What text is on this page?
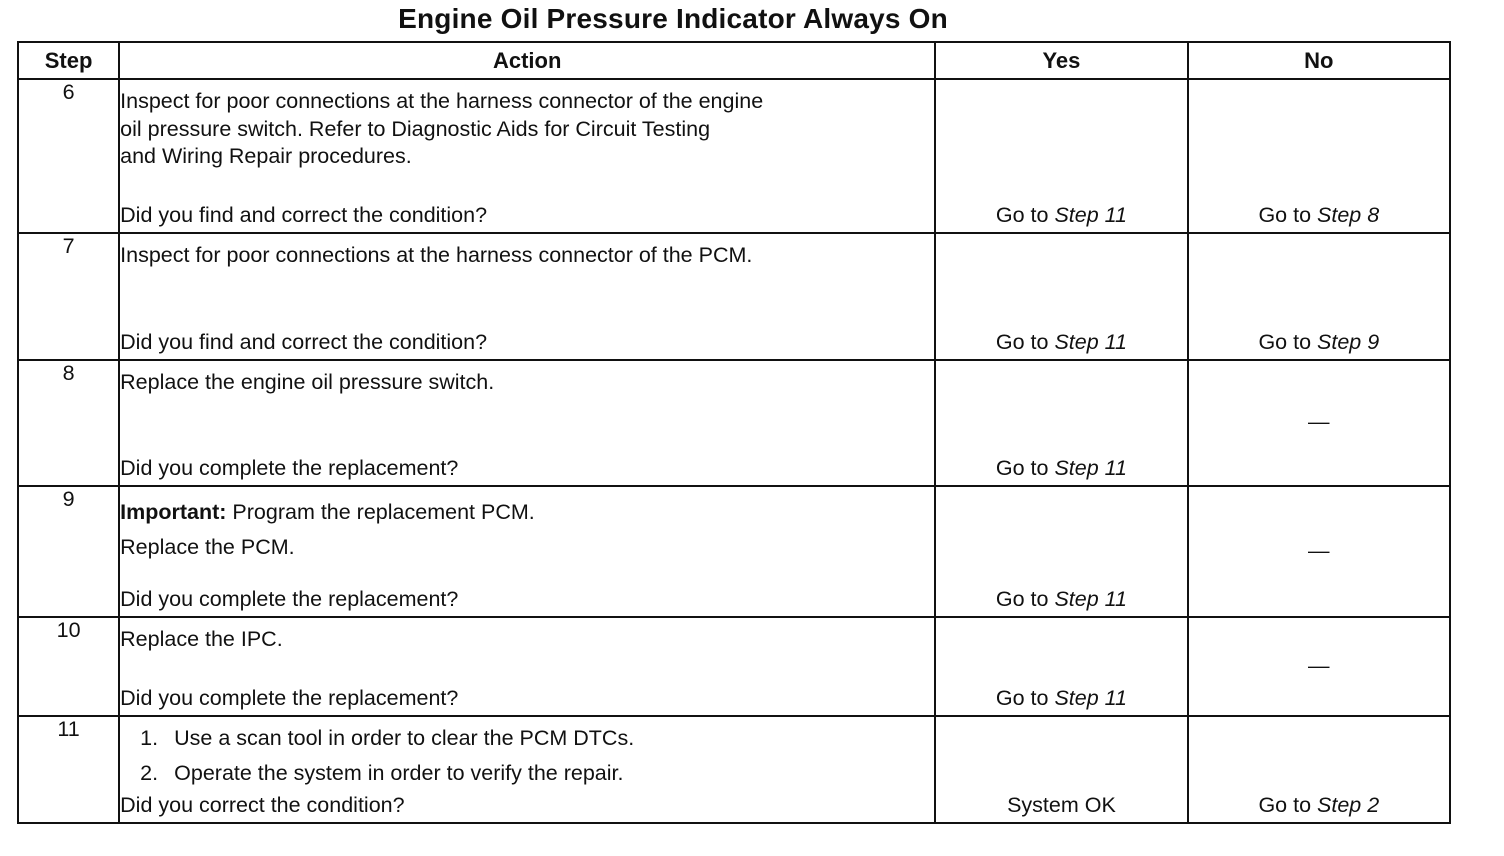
Engine Oil Pressure Indicator Always On
Step	Action	Yes	No
6	Inspect for poor connections at the harness connector of the engine

oil pressure switch. Refer to Diagnostic Aids for Circuit Testing

and Wiring Repair procedures.

Did you find and correct the condition?	Go to Step 11	Go to Step 8

7	Inspect for poor connections at the harness connector of the PCM.

Did you find and correct the condition?	Go to Step 11	Go to Step 9

8	Replace the engine oil pressure switch.

Did you complete the replacement?	Go to Step 11	—

9	Important: Program the replacement PCM.

Replace the PCM.

Did you complete the replacement?	Go to Step 11	—

10	Replace the IPC.

Did you complete the replacement?	Go to Step 11	—

11	1. Use a scan tool in order to clear the PCM DTCs.

2. Operate the system in order to verify the repair.

Did you correct the condition?	System OK	Go to Step 2
